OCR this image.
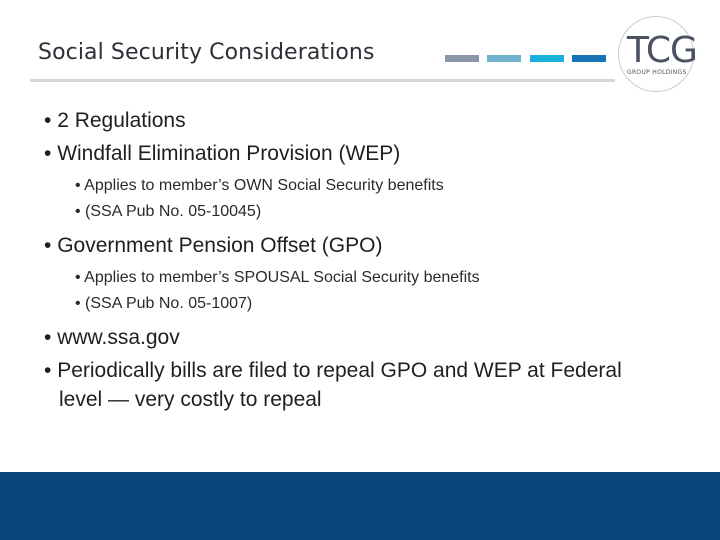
Social Security Considerations	TCG
GROUP HOLDINGS
• 2 Regulations
• Windfall Elimination Provision (WEP)
• Applies to member’s OWN Social Security benefits
• (SSA Pub No. 05-10045)
• Government Pension Offset (GPO)
• Applies to member’s SPOUSAL Social Security benefits
• (SSA Pub No. 05-1007)
• www.ssa.gov
• Periodically bills are filed to repeal GPO and WEP at Federal level — very costly to repeal
